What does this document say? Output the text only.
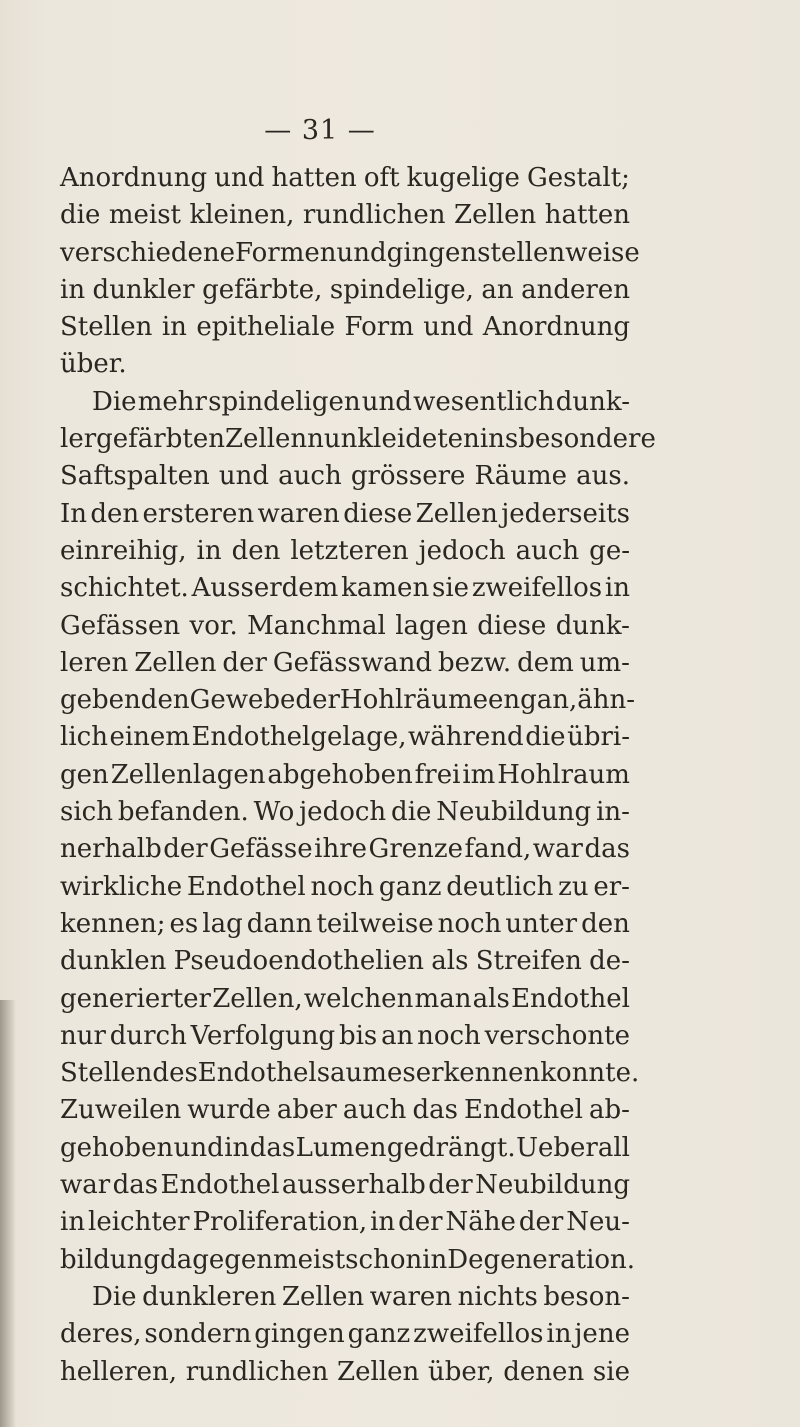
— 31 —
Anordnung und hatten oft kugelige Gestalt;
die meist kleinen, rundlichen Zellen hatten
verschiedene Formen und gingen stellenweise
in dunkler gefärbte, spindelige, an anderen
Stellen in epitheliale Form und Anordnung
über.
Die mehr spindeligen und wesentlich dunk-
ler gefärbten Zellen nun kleideten insbesondere
Saftspalten und auch grössere Räume aus.
In den ersteren waren diese Zellen jederseits
einreihig, in den letzteren jedoch auch ge-
schichtet. Ausserdem kamen sie zweifellos in
Gefässen vor. Manchmal lagen diese dunk-
leren Zellen der Gefässwand bezw. dem um-
gebenden Gewebe der Hohlräume eng an, ähn-
lich einem Endothelgelage, während die übri-
gen Zellenlagen abgehoben frei im Hohlraum
sich befanden. Wo jedoch die Neubildung in-
nerhalb der Gefässe ihre Grenze fand, war das
wirkliche Endothel noch ganz deutlich zu er-
kennen; es lag dann teilweise noch unter den
dunklen Pseudoendothelien als Streifen de-
generierter Zellen, welchen man als Endothel
nur durch Verfolgung bis an noch verschonte
Stellen des Endothelsaumes erkennen konnte.
Zuweilen wurde aber auch das Endothel ab-
gehoben und in das Lumen gedrängt. Ueberall
war das Endothel ausserhalb der Neubildung
in leichter Proliferation, in der Nähe der Neu-
bildung dagegen meist schon in Degeneration.
Die dunkleren Zellen waren nichts beson-
deres, sondern gingen ganz zweifellos in jene
helleren, rundlichen Zellen über, denen sie
